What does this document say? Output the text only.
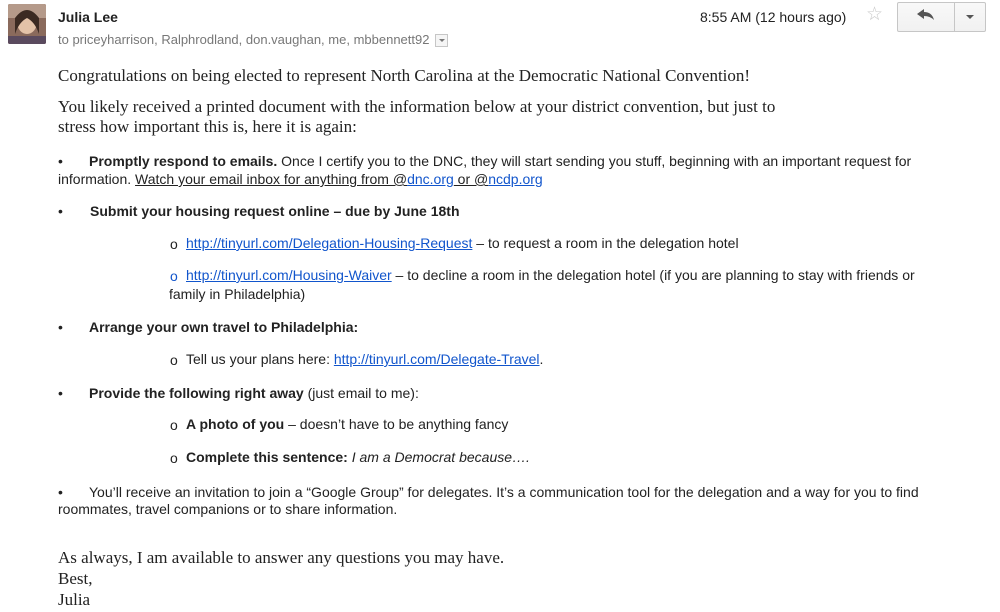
Julia Lee
to priceyharrison, Ralphrodland, don.vaughan, me, mbbennett92
8:55 AM (12 hours ago) ☆
Congratulations on being elected to represent North Carolina at the Democratic National Convention!
You likely received a printed document with the information below at your district convention, but just to
stress how important this is, here it is again:
• Promptly respond to emails. Once I certify you to the DNC, they will start sending you stuff, beginning with an important request for
information. Watch your email inbox for anything from @dnc.org or @ncdp.org
• Submit your housing request online – due by June 18th
o http://tinyurl.com/Delegation-Housing-Request – to request a room in the delegation hotel
o http://tinyurl.com/Housing-Waiver – to decline a room in the delegation hotel (if you are planning to stay with friends or
family in Philadelphia)
• Arrange your own travel to Philadelphia:
o Tell us your plans here: http://tinyurl.com/Delegate-Travel.
• Provide the following right away (just email to me):
o A photo of you – doesn’t have to be anything fancy
o Complete this sentence: I am a Democrat because….
• You’ll receive an invitation to join a “Google Group” for delegates. It’s a communication tool for the delegation and a way for you to find
roommates, travel companions or to share information.
As always, I am available to answer any questions you may have.
Best,
Julia
